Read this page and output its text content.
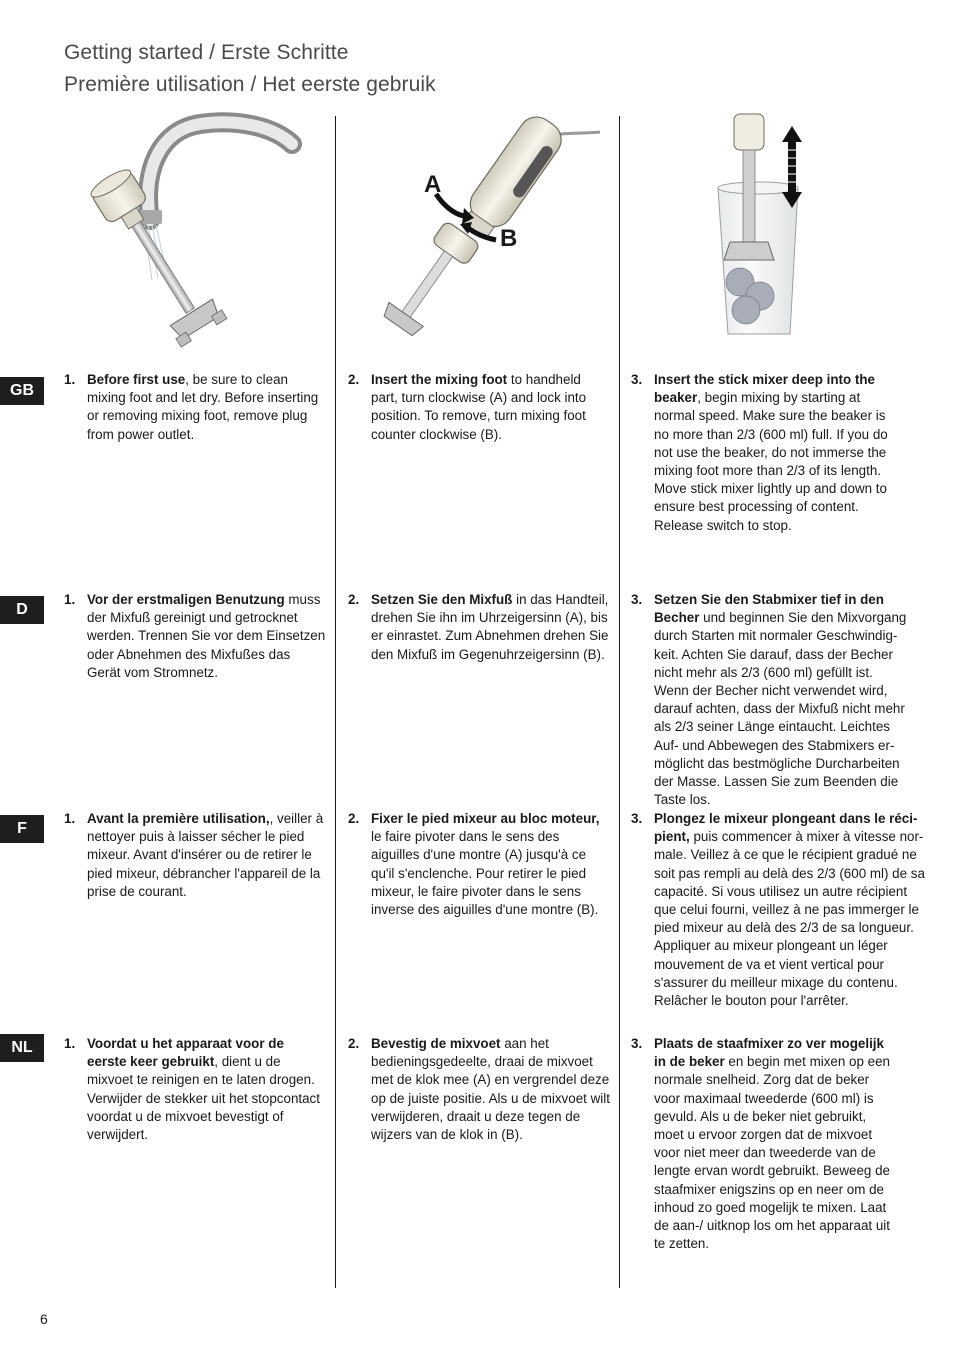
Getting started / Erste Schritte
Première utilisation / Het eerste gebruik
A
B
GB
D
F
NL
1. Before first use, be sure to clean mixing foot and let dry. Before inserting or removing mixing foot, remove plug from power outlet.
2. Insert the mixing foot to handheld part, turn clockwise (A) and lock into position. To remove, turn mixing foot counter clockwise (B).
3. Insert the stick mixer deep into the beaker, begin mixing by starting at normal speed. Make sure the beaker is no more than 2/3 (600 ml) full. If you do not use the beaker, do not immerse the mixing foot more than 2/3 of its length. Move stick mixer lightly up and down to ensure best processing of content. Release switch to stop.
1. Vor der erstmaligen Benutzung muss der Mixfuß gereinigt und getrocknet werden. Trennen Sie vor dem Einsetzen oder Abnehmen des Mixfußes das Gerät vom Stromnetz.
2. Setzen Sie den Mixfuß in das Handteil, drehen Sie ihn im Uhrzeigersinn (A), bis er einrastet. Zum Abnehmen drehen Sie den Mixfuß im Gegenuhrzeigersinn (B).
3. Setzen Sie den Stabmixer tief in den Becher und beginnen Sie den Mixvorgang durch Starten mit normaler Geschwindig-keit. Achten Sie darauf, dass der Becher nicht mehr als 2/3 (600 ml) gefüllt ist. Wenn der Becher nicht verwendet wird, darauf achten, dass der Mixfuß nicht mehr als 2/3 seiner Länge eintaucht. Leichtes Auf- und Abbewegen des Stabmixers er-möglicht das bestmögliche Durcharbeiten der Masse. Lassen Sie zum Beenden die Taste los.
1. Avant la première utilisation,, veiller à nettoyer puis à laisser sécher le pied mixeur. Avant d'insérer ou de retirer le pied mixeur, débrancher l'appareil de la prise de courant.
2. Fixer le pied mixeur au bloc moteur, le faire pivoter dans le sens des aiguilles d'une montre (A) jusqu'à ce qu'il s'enclenche. Pour retirer le pied mixeur, le faire pivoter dans le sens inverse des aiguilles d'une montre (B).
3. Plongez le mixeur plongeant dans le réci-pient, puis commencer à mixer à vitesse nor-male. Veillez à ce que le récipient gradué ne soit pas rempli au delà des 2/3 (600 ml) de sa capacité. Si vous utilisez un autre récipient que celui fourni, veillez à ne pas immerger le pied mixeur au delà des 2/3 de sa longueur. Appliquer au mixeur plongeant un léger mouvement de va et vient vertical pour s'assurer du meilleur mixage du contenu. Relâcher le bouton pour l'arrêter.
1. Voordat u het apparaat voor de eerste keer gebruikt, dient u de mixvoet te reinigen en te laten drogen. Verwijder de stekker uit het stopcontact voordat u de mixvoet bevestigt of verwijdert.
2. Bevestig de mixvoet aan het bedieningsgedeelte, draai de mixvoet met de klok mee (A) en vergrendel deze op de juiste positie. Als u de mixvoet wilt verwijderen, draait u deze tegen de wijzers van de klok in (B).
3. Plaats de staafmixer zo ver mogelijk in de beker en begin met mixen op een normale snelheid. Zorg dat de beker voor maximaal tweederde (600 ml) is gevuld. Als u de beker niet gebruikt, moet u ervoor zorgen dat de mixvoet voor niet meer dan tweederde van de lengte ervan wordt gebruikt. Beweeg de staafmixer enigszins op en neer om de inhoud zo goed mogelijk te mixen. Laat de aan-/ uitknop los om het apparaat uit te zetten.
6
